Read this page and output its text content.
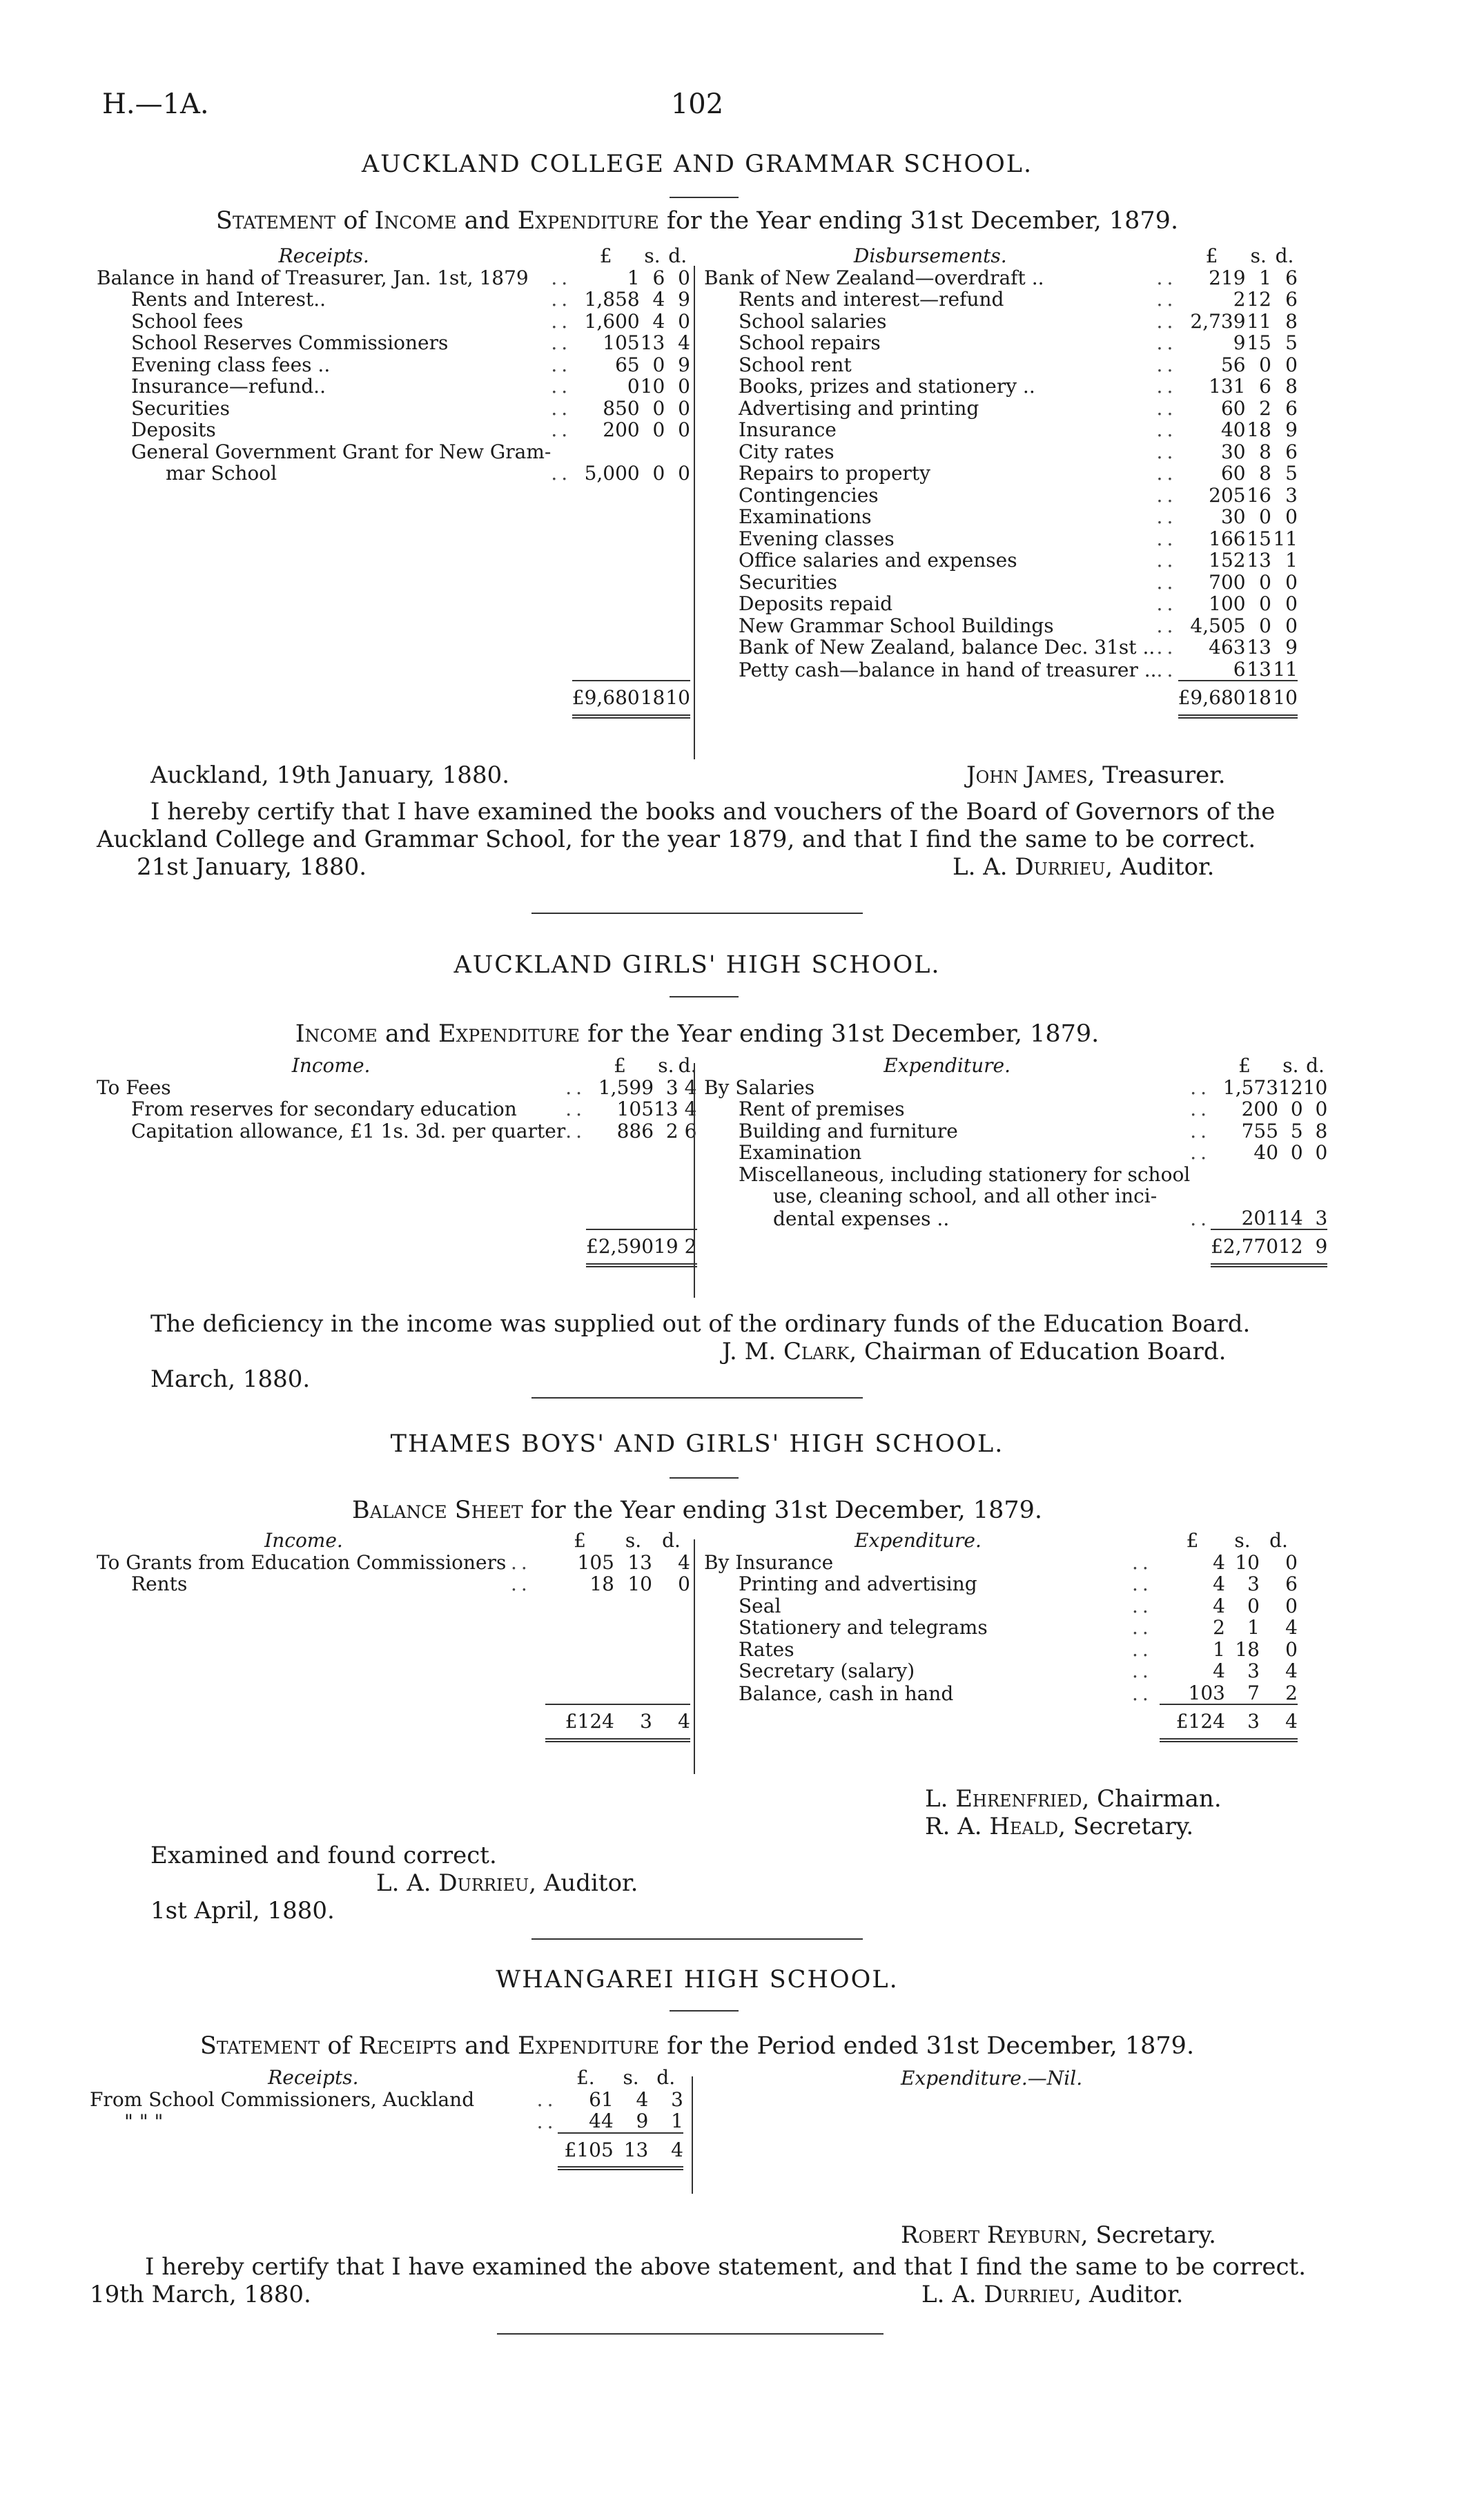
H.—1A.	102
AUCKLAND COLLEGE AND GRAMMAR SCHOOL.
Statement of Income and Expenditure for the Year ending 31st December, 1879.
Receipts.		£	s.	d.
Balance in hand of Treasurer, Jan. 1st, 1879	..	1	6	0
Rents and Interest..	..	1,858	4	9
School fees	..	1,600	4	0
School Reserves Commissioners	..	105	13	4
Evening class fees ..	..	65	0	9
Insurance—refund..	..	0	10	0
Securities	..	850	0	0
Deposits	..	200	0	0
General Government Grant for New Gram-				
mar School	..	5,000	0	0

		£9,680	18	10
Disbursements.		£	s.	d.
Bank of New Zealand—overdraft ..	..	219	1	6
Rents and interest—refund	..	2	12	6
School salaries	..	2,739	11	8
School repairs	..	9	15	5
School rent	..	56	0	0
Books, prizes and stationery ..	..	131	6	8
Advertising and printing	..	60	2	6
Insurance	..	40	18	9
City rates	..	30	8	6
Repairs to property	..	60	8	5
Contingencies	..	205	16	3
Examinations	..	30	0	0
Evening classes	..	166	15	11
Office salaries and expenses	..	152	13	1
Securities	..	700	0	0
Deposits repaid	..	100	0	0
New Grammar School Buildings	..	4,505	0	0
Bank of New Zealand, balance Dec. 31st ..	..	463	13	9
Petty cash—balance in hand of treasurer ..	..	6	13	11
		£9,680	18	10
Auckland, 19th January, 1880.	John James, Treasurer.
I hereby certify that I have examined the books and vouchers of the Board of Governors of the
Auckland College and Grammar School, for the year 1879, and that I find the same to be correct.
21st January, 1880.	L. A. Durrieu, Auditor.
AUCKLAND GIRLS' HIGH SCHOOL.
Income and Expenditure for the Year ending 31st December, 1879.
Income.		£	s.	d.
To Fees	..	1,599	3	4
From reserves for secondary education	..	105	13	4
Capitation allowance, £1 1s. 3d. per quarter	..	886	2	6

		£2,590	19	2
Expenditure.		£	s.	d.
By Salaries	..	1,573	12	10
Rent of premises	..	200	0	0
Building and furniture	..	755	5	8
Examination	..	40	0	0
Miscellaneous, including stationery for school				
use, cleaning school, and all other inci-				
dental expenses ..	..	201	14	3
		£2,770	12	9
The deficiency in the income was supplied out of the ordinary funds of the Education Board.
J. M. Clark, Chairman of Education Board.
March, 1880.
THAMES BOYS' AND GIRLS' HIGH SCHOOL.
Balance Sheet for the Year ending 31st December, 1879.
Income.		£	s.	d.
To Grants from Education Commissioners	..	105	13	4
Rents	..	18	10	0

		£124	3	4
Expenditure.		£	s.	d.
By Insurance	..	4	10	0
Printing and advertising	..	4	3	6
Seal	..	4	0	0
Stationery and telegrams	..	2	1	4
Rates	..	1	18	0
Secretary (salary)	..	4	3	4
Balance, cash in hand	..	103	7	2
		£124	3	4
L. Ehrenfried, Chairman.
R. A. Heald, Secretary.
Examined and found correct.
L. A. Durrieu, Auditor.
1st April, 1880.
WHANGAREI HIGH SCHOOL.
Statement of Receipts and Expenditure for the Period ended 31st December, 1879.
Receipts.		£.	s.	d.
From School Commissioners, Auckland	..	61	4	3
" " "	..	44	9	1
		£105	13	4
Expenditure.—Nil.
Robert Reyburn, Secretary.
I hereby certify that I have examined the above statement, and that I find the same to be correct.
19th March, 1880.	L. A. Durrieu, Auditor.
